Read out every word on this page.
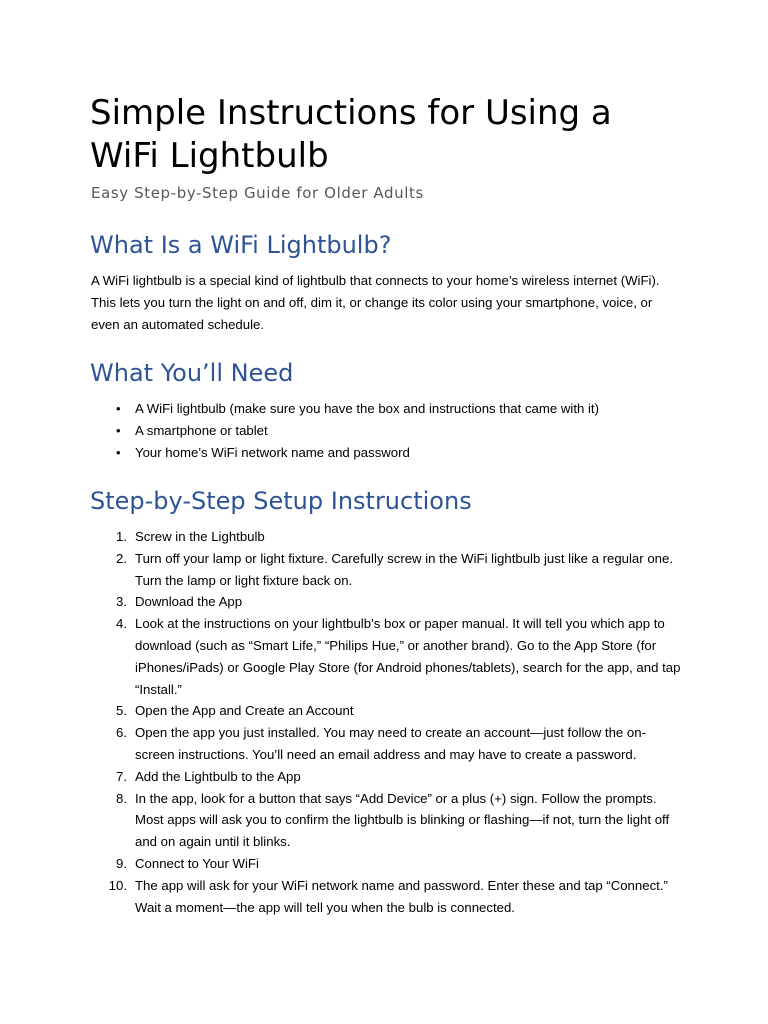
Simple Instructions for Using a WiFi Lightbulb

Easy Step-by-Step Guide for Older Adults

What Is a WiFi Lightbulb?

A WiFi lightbulb is a special kind of lightbulb that connects to your home’s wireless internet (WiFi). This lets you turn the light on and off, dim it, or change its color using your smartphone, voice, or even an automated schedule.

What You’ll Need
• A WiFi lightbulb (make sure you have the box and instructions that came with it)
• A smartphone or tablet
• Your home’s WiFi network name and password
Step-by-Step Setup Instructions
1. Screw in the Lightbulb
2. Turn off your lamp or light fixture. Carefully screw in the WiFi lightbulb just like a regular one. Turn the lamp or light fixture back on.
3. Download the App
4. Look at the instructions on your lightbulb’s box or paper manual. It will tell you which app to download (such as “Smart Life,” “Philips Hue,” or another brand). Go to the App Store (for iPhones/iPads) or Google Play Store (for Android phones/tablets), search for the app, and tap “Install.”
5. Open the App and Create an Account
6. Open the app you just installed. You may need to create an account—just follow the on-screen instructions. You’ll need an email address and may have to create a password.
7. Add the Lightbulb to the App
8. In the app, look for a button that says “Add Device” or a plus (+) sign. Follow the prompts. Most apps will ask you to confirm the lightbulb is blinking or flashing—if not, turn the light off and on again until it blinks.
9. Connect to Your WiFi
10. The app will ask for your WiFi network name and password. Enter these and tap “Connect.” Wait a moment—the app will tell you when the bulb is connected.
